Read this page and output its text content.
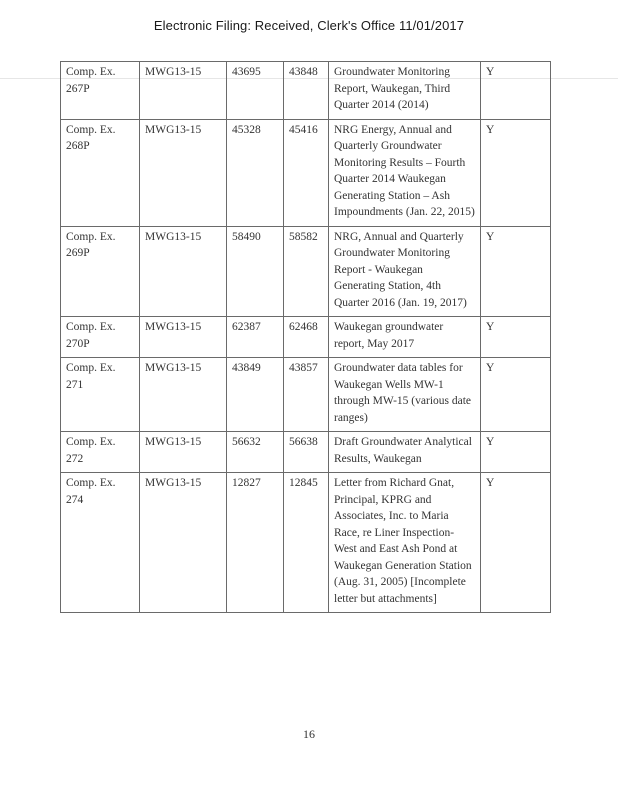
Electronic Filing: Received, Clerk's Office 11/01/2017
Comp. Ex. 267P	MWG13-15	43695	43848	Groundwater Monitoring Report, Waukegan, Third Quarter 2014 (2014)	Y
Comp. Ex. 268P	MWG13-15	45328	45416	NRG Energy, Annual and Quarterly Groundwater Monitoring Results – Fourth Quarter 2014 Waukegan Generating Station – Ash Impoundments (Jan. 22, 2015)	Y
Comp. Ex. 269P	MWG13-15	58490	58582	NRG, Annual and Quarterly Groundwater Monitoring Report - Waukegan Generating Station, 4th Quarter 2016 (Jan. 19, 2017)	Y
Comp. Ex. 270P	MWG13-15	62387	62468	Waukegan groundwater report, May 2017	Y
Comp. Ex. 271	MWG13-15	43849	43857	Groundwater data tables for Waukegan Wells MW-1 through MW-15 (various date ranges)	Y
Comp. Ex. 272	MWG13-15	56632	56638	Draft Groundwater Analytical Results, Waukegan	Y
Comp. Ex. 274	MWG13-15	12827	12845	Letter from Richard Gnat, Principal, KPRG and Associates, Inc. to Maria Race, re Liner Inspection- West and East Ash Pond at Waukegan Generation Station (Aug. 31, 2005) [Incomplete letter but attachments]	Y
16
